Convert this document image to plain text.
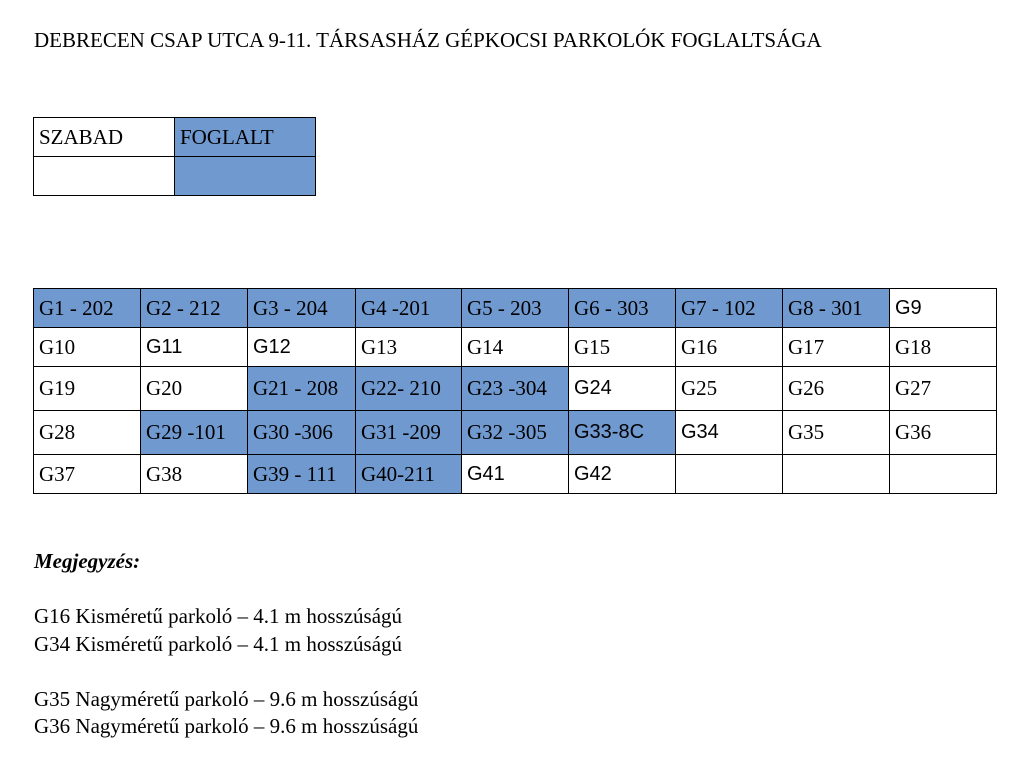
DEBRECEN CSAP UTCA 9-11. TÁRSASHÁZ GÉPKOCSI PARKOLÓK FOGLALTSÁGA
SZABAD	FOGLALT

G1 - 202	G2 - 212	G3 - 204	G4 -201	G5 - 203	G6 - 303	G7 - 102	G8 - 301	G9
G10	G11	G12	G13	G14	G15	G16	G17	G18
G19	G20	G21 - 208	G22- 210	G23 -304	G24	G25	G26	G27
G28	G29 -101	G30 -306	G31 -209	G32 -305	G33-8C	G34	G35	G36
G37	G38	G39 - 111	G40-211	G41	G42			
Megjegyzés:
G16 Kisméretű parkoló – 4.1 m hosszúságú
G34 Kisméretű parkoló – 4.1 m hosszúságú
G35 Nagyméretű parkoló – 9.6 m hosszúságú
G36 Nagyméretű parkoló – 9.6 m hosszúságú
